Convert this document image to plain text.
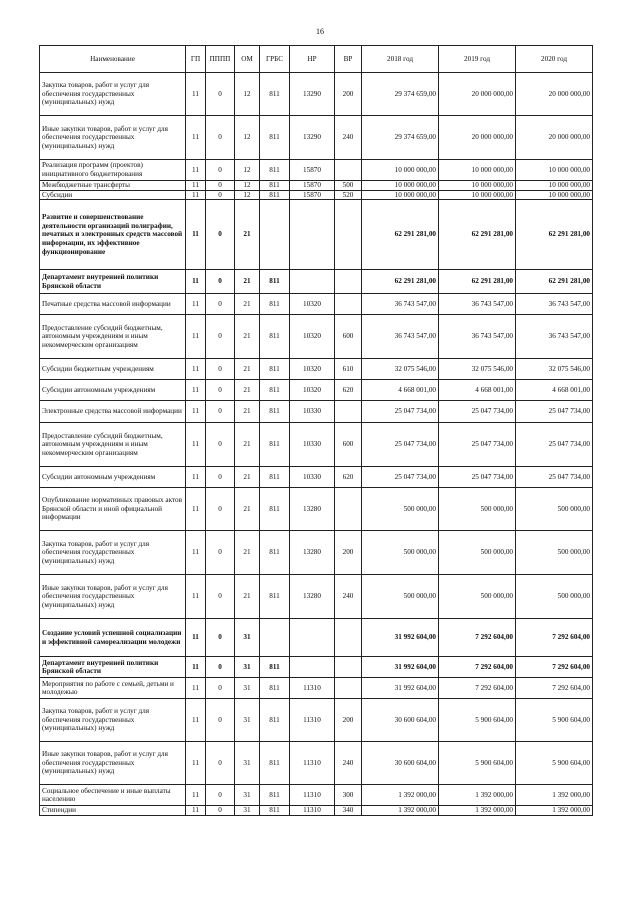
16
Наименование	ГП	ПППП	ОМ	ГРБС	НР	ВР	2018 год	2019 год	2020 год
Закупка товаров, работ и услуг для обеспечения государственных (муниципальных) нужд	11	0	12	811	13290	200	29 374 659,00	20 000 000,00	20 000 000,00
Иные закупки товаров, работ и услуг для обеспечения государственных (муниципальных) нужд	11	0	12	811	13290	240	29 374 659,00	20 000 000,00	20 000 000,00
Реализация программ (проектов) инициативного бюджетирования	11	0	12	811	15870		10 000 000,00	10 000 000,00	10 000 000,00
Межбюджетные трансферты	11	0	12	811	15870	500	10 000 000,00	10 000 000,00	10 000 000,00
Субсидии	11	0	12	811	15870	520	10 000 000,00	10 000 000,00	10 000 000,00
Развитие и совершенствование деятельности организаций полиграфии, печатных и электронных средств массовой информации, их эффективное функционирование	11	0	21				62 291 281,00	62 291 281,00	62 291 281,00
Департамент внутренней политики Брянской области	11	0	21	811			62 291 281,00	62 291 281,00	62 291 281,00
Печатные средства массовой информации	11	0	21	811	10320		36 743 547,00	36 743 547,00	36 743 547,00
Предоставление субсидий бюджетным, автономным учреждениям и иным некоммерческим организациям	11	0	21	811	10320	600	36 743 547,00	36 743 547,00	36 743 547,00
Субсидии бюджетным учреждениям	11	0	21	811	10320	610	32 075 546,00	32 075 546,00	32 075 546,00
Субсидии автономным учреждениям	11	0	21	811	10320	620	4 668 001,00	4 668 001,00	4 668 001,00
Электронные средства массовой информации	11	0	21	811	10330		25 047 734,00	25 047 734,00	25 047 734,00
Предоставление субсидий бюджетным, автономным учреждениям и иным некоммерческим организациям	11	0	21	811	10330	600	25 047 734,00	25 047 734,00	25 047 734,00
Субсидии автономным учреждениям	11	0	21	811	10330	620	25 047 734,00	25 047 734,00	25 047 734,00
Опубликование нормативных правовых актов Брянской области и иной официальной информации	11	0	21	811	13280		500 000,00	500 000,00	500 000,00
Закупка товаров, работ и услуг для обеспечения государственных (муниципальных) нужд	11	0	21	811	13280	200	500 000,00	500 000,00	500 000,00
Иные закупки товаров, работ и услуг для обеспечения государственных (муниципальных) нужд	11	0	21	811	13280	240	500 000,00	500 000,00	500 000,00
Создание условий успешной социализации и эффективной самореализации молодежи	11	0	31				31 992 604,00	7 292 604,00	7 292 604,00
Департамент внутренней политики Брянской области	11	0	31	811			31 992 604,00	7 292 604,00	7 292 604,00
Мероприятия по работе с семьей, детьми и молодежью	11	0	31	811	11310		31 992 604,00	7 292 604,00	7 292 604,00
Закупка товаров, работ и услуг для обеспечения государственных (муниципальных) нужд	11	0	31	811	11310	200	30 600 604,00	5 900 604,00	5 900 604,00
Иные закупки товаров, работ и услуг для обеспечения государственных (муниципальных) нужд	11	0	31	811	11310	240	30 600 604,00	5 900 604,00	5 900 604,00
Социальное обеспечение и иные выплаты населению	11	0	31	811	11310	300	1 392 000,00	1 392 000,00	1 392 000,00
Стипендии	11	0	31	811	11310	340	1 392 000,00	1 392 000,00	1 392 000,00
